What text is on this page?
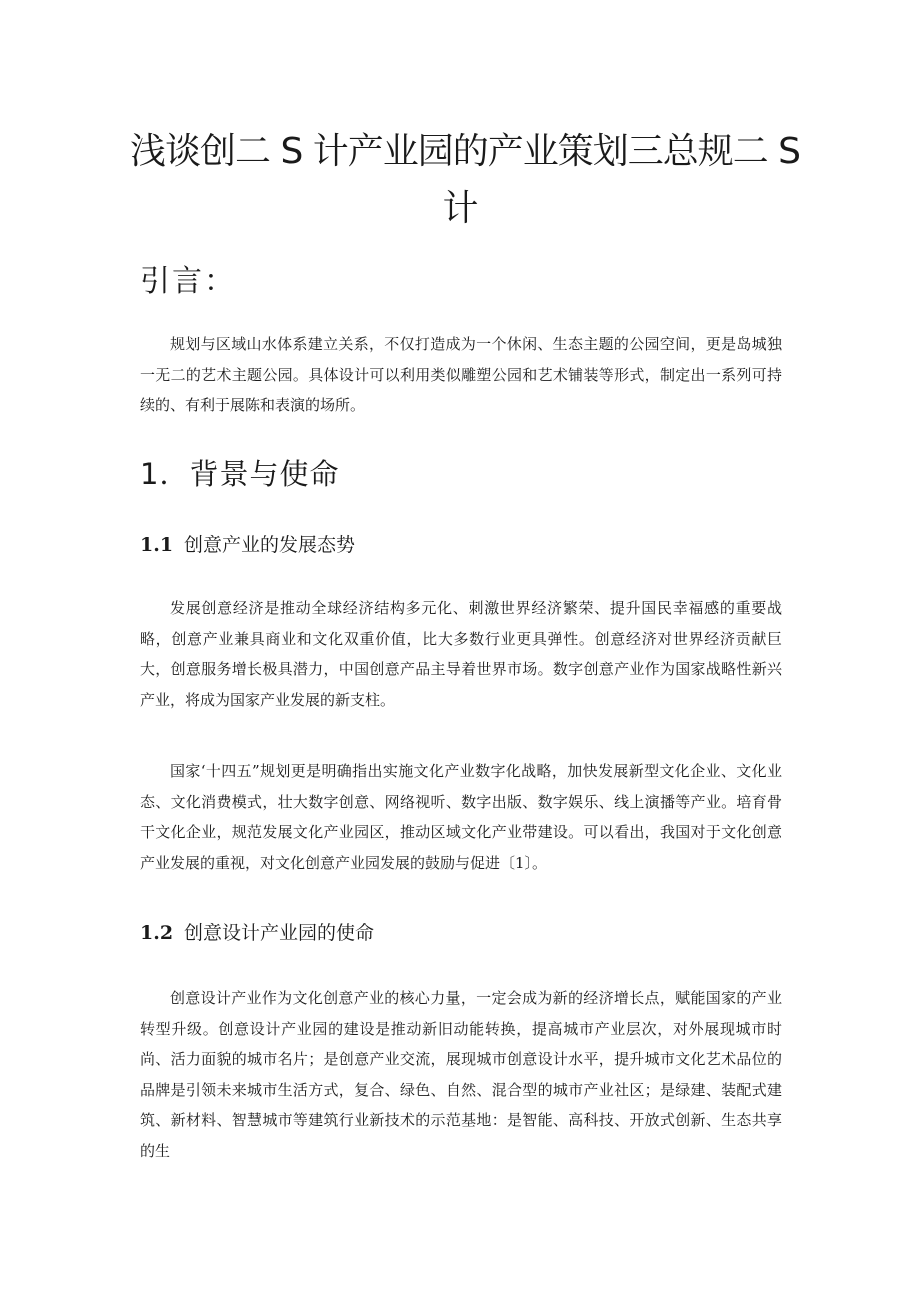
浅谈创二 S 计产业园的产业策划三总规二 S
计
引言：

规划与区域山水体系建立关系，不仅打造成为一个休闲、生态主题的公园空间，更是岛城独一无二的艺术主题公园。具体设计可以利用类似雕塑公园和艺术铺装等形式，制定出一系列可持续的、有利于展陈和表演的场所。

1．背景与使命
1.1 创意产业的发展态势

发展创意经济是推动全球经济结构多元化、刺激世界经济繁荣、提升国民幸福感的重要战略，创意产业兼具商业和文化双重价值，比大多数行业更具弹性。创意经济对世界经济贡献巨大，创意服务增长极具潜力，中国创意产品主导着世界市场。数字创意产业作为国家战略性新兴产业，将成为国家产业发展的新支柱。

国家‘十四五”规划更是明确指出实施文化产业数字化战略，加快发展新型文化企业、文化业态、文化消费模式，壮大数字创意、网络视听、数字出版、数字娱乐、线上演播等产业。培育骨干文化企业，规范发展文化产业园区，推动区域文化产业带建设。可以看出，我国对于文化创意产业发展的重视，对文化创意产业园发展的鼓励与促进〔1〕。

1.2 创意设计产业园的使命

创意设计产业作为文化创意产业的核心力量，一定会成为新的经济增长点，赋能国家的产业转型升级。创意设计产业园的建设是推动新旧动能转换，提高城市产业层次，对外展现城市时尚、活力面貌的城市名片；是创意产业交流，展现城市创意设计水平，提升城市文化艺术品位的品牌是引领未来城市生活方式，复合、绿色、自然、混合型的城市产业社区；是绿建、装配式建筑、新材料、智慧城市等建筑行业新技术的示范基地：是智能、高科技、开放式创新、生态共享的生
